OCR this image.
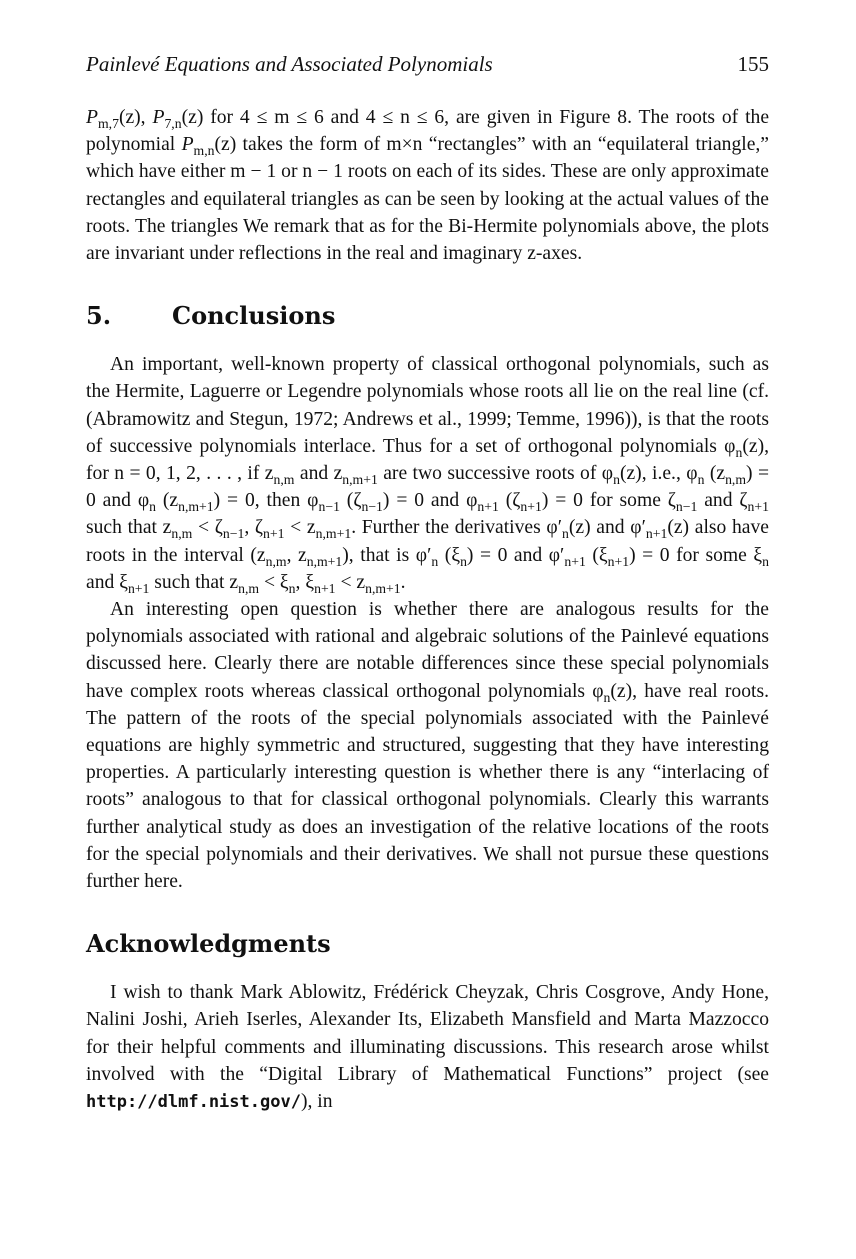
Painlevé Equations and Associated Polynomials	155

$P_{m,7}(z)$, $P_{7,n}(z)$ for 4 ≤ m ≤ 6 and 4 ≤ n ≤ 6, are given in Figure 8. The roots of the polynomial $P_{m,n}(z)$ takes the form of m×n “rectangles” with an “equilateral triangle,” which have either m − 1 or n − 1 roots on each of its sides. These are only approximate rectangles and equilateral triangles as can be seen by looking at the actual values of the roots. The triangles We remark that as for the Bi-Hermite polynomials above, the plots are invariant under reflections in the real and imaginary z-axes.

5.	Conclusions

An important, well-known property of classical orthogonal polynomials, such as the Hermite, Laguerre or Legendre polynomials whose roots all lie on the real line (cf. (Abramowitz and Stegun, 1972; Andrews et al., 1999; Temme, 1996)), is that the roots of successive polynomials interlace. Thus for a set of orthogonal polynomials $\varphi_n(z)$, for n = 0, 1, 2, . . . , if $z_{n,m}$ and $z_{n,m+1}$ are two successive roots of $\varphi_n(z)$, i.e., $\varphi_n$ $(z_{n,m}) = 0$ and $\varphi_n$ $(z_{n,m+1}) = 0$, then $\varphi_{n-1}$ $(\zeta_{n-1}) = 0$ and $\varphi_{n+1}$ $(\zeta_{n+1}) = 0$ for some $\zeta_{n-1}$ and $\zeta_{n+1}$ such that $z_{n,m} < \zeta_{n-1}$, $\zeta_{n+1} < z_{n,m+1}$. Further the derivatives $\varphi'_n(z)$ and $\varphi'_{n+1}(z)$ also have roots in the interval ($z_{n,m}$, $z_{n,m+1}$), that is $\varphi'_n$ $(\xi_n) = 0$ and $\varphi'_{n+1}$ $(\xi_{n+1}) = 0$ for some $\xi_n$ and $\xi_{n+1}$ such that $z_{n,m} < \xi_n$, $\xi_{n+1} < z_{n,m+1}$.

An interesting open question is whether there are analogous results for the polynomials associated with rational and algebraic solutions of the Painlevé equations discussed here. Clearly there are notable differences since these special polynomials have complex roots whereas classical orthogonal polynomials $\varphi_n(z)$, have real roots. The pattern of the roots of the special polynomials associated with the Painlevé equations are highly symmetric and structured, suggesting that they have interesting properties. A particularly interesting question is whether there is any “interlacing of roots” analogous to that for classical orthogonal polynomials. Clearly this warrants further analytical study as does an investigation of the relative locations of the roots for the special polynomials and their derivatives. We shall not pursue these questions further here.

Acknowledgments

I wish to thank Mark Ablowitz, Frédérick Cheyzak, Chris Cosgrove, Andy Hone, Nalini Joshi, Arieh Iserles, Alexander Its, Elizabeth Mansfield and Marta Mazzocco for their helpful comments and illuminating discussions. This research arose whilst involved with the “Digital Library of Mathematical Functions” project (see http://dlmf.nist.gov/), in
